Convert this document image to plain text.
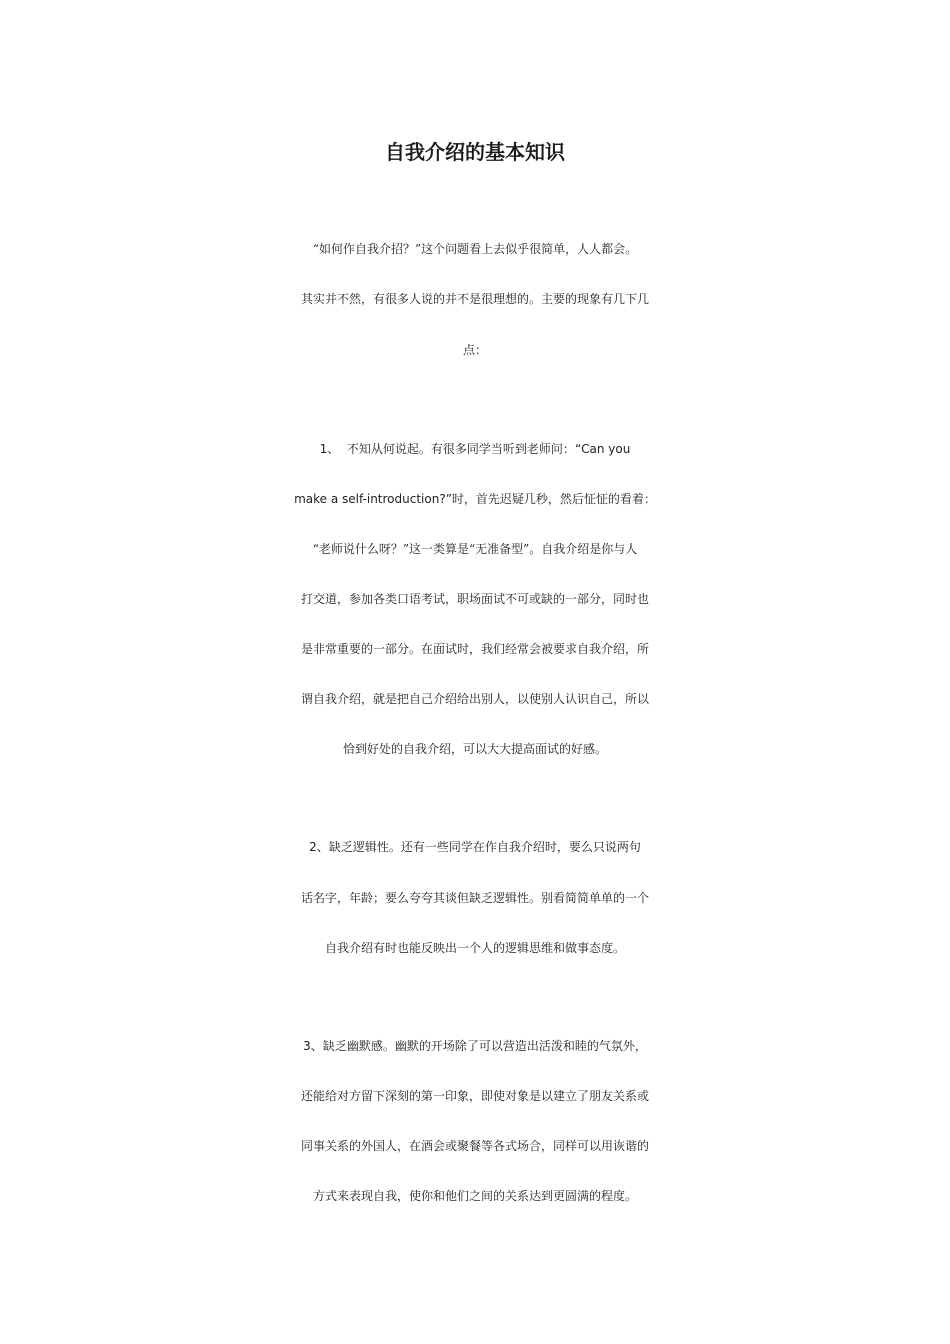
自我介绍的基本知识
“如何作自我介招？”这个问题看上去似乎很简单，人人都会。
其实并不然，有很多人说的并不是很理想的。主要的现象有几下几
点：
1、 不知从何说起。有很多同学当听到老师问：“Can you
make a self-introduction?”时，首先迟疑几秒，然后怔怔的看着：
“老师说什么呀？”这一类算是“无准备型”。自我介绍是你与人
打交道，参加各类口语考试，职场面试不可或缺的一部分，同时也
是非常重要的一部分。在面试时，我们经常会被要求自我介绍，所
谓自我介绍，就是把自己介绍给出别人，以使别人认识自己，所以
恰到好处的自我介绍，可以大大提高面试的好感。
2、缺乏逻辑性。还有一些同学在作自我介绍时，要么只说两句
话名字，年龄；要么夸夸其谈但缺乏逻辑性。别看简简单单的一个
自我介绍有时也能反映出一个人的逻辑思维和做事态度。
3、缺乏幽默感。幽默的开场除了可以营造出活泼和睦的气氛外，
还能给对方留下深刻的第一印象，即使对象是以建立了朋友关系或
同事关系的外国人，在酒会或聚餐等各式场合，同样可以用诙谐的
方式来表现自我，使你和他们之间的关系达到更圆满的程度。
